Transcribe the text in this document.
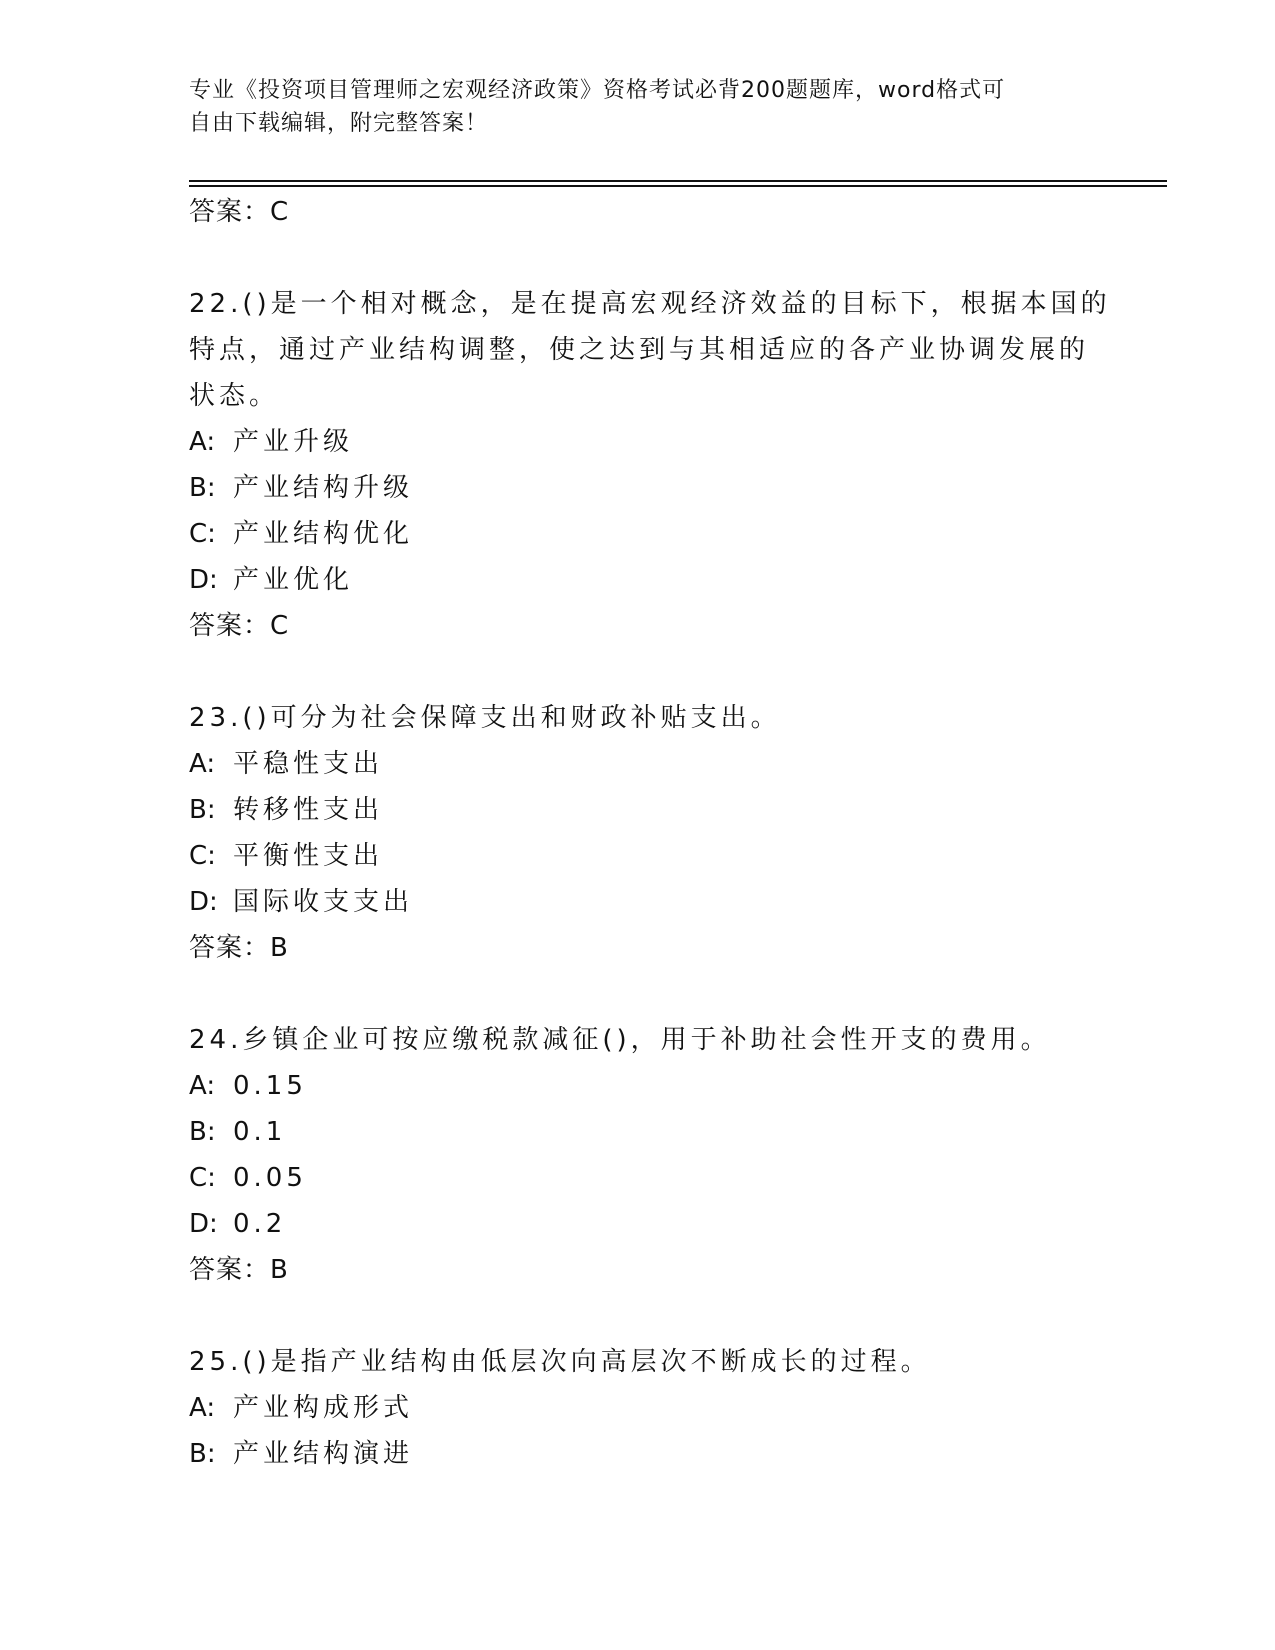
专业《投资项目管理师之宏观经济政策》资格考试必背200题题库，word格式可
自由下载编辑，附完整答案！
答案：C
22.()是一个相对概念，是在提高宏观经济效益的目标下，根据本国的
特点，通过产业结构调整，使之达到与其相适应的各产业协调发展的
状态。
A: 产业升级
B: 产业结构升级
C: 产业结构优化
D: 产业优化
答案：C
23.()可分为社会保障支出和财政补贴支出。
A: 平稳性支出
B: 转移性支出
C: 平衡性支出
D: 国际收支支出
答案：B
24.乡镇企业可按应缴税款减征()，用于补助社会性开支的费用。
A: 0.15
B: 0.1
C: 0.05
D: 0.2
答案：B
25.()是指产业结构由低层次向高层次不断成长的过程。
A: 产业构成形式
B: 产业结构演进
